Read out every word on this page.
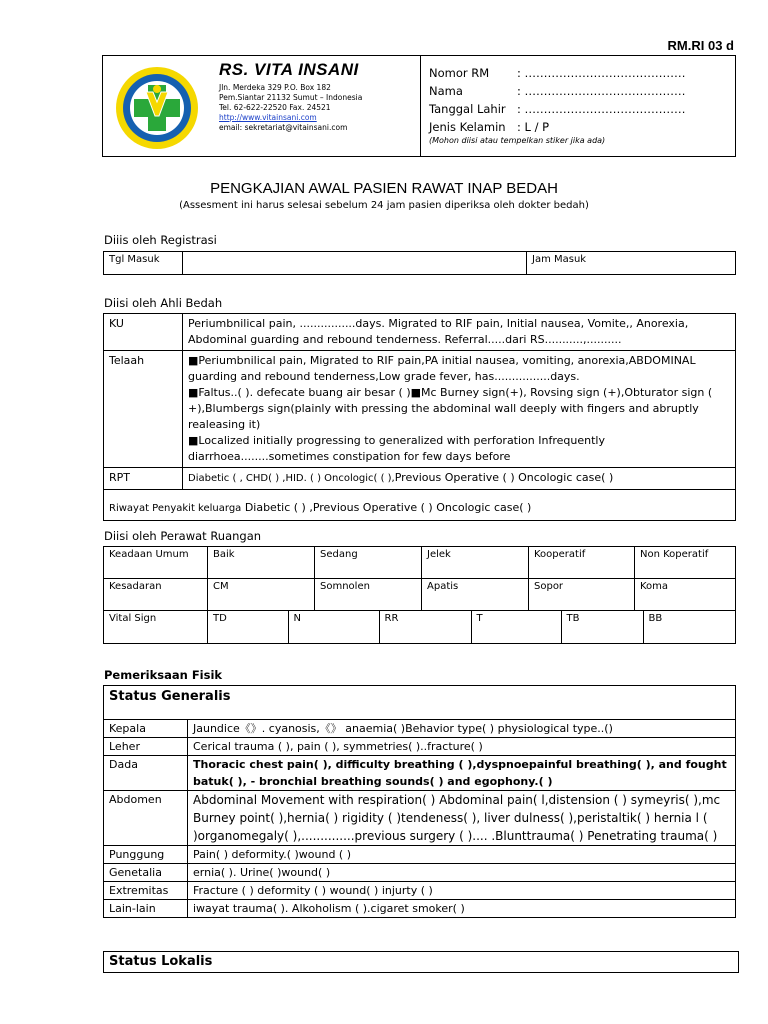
RM.RI 03 d
RS. VITA INSANI
Jln. Merdeka 329 P.O. Box 182
Pem.Siantar 21132 Sumut – Indonesia
Tel. 62-622-22520 Fax. 24521
http://www.vitainsani.com
email: sekretariat@vitainsani.com
Nomor RM	: ……………………………………
Nama	: ……………………………………
Tanggal Lahir : ……………………………………
Jenis Kelamin : L / P
(Mohon diisi atau tempelkan stiker jika ada)
PENGKAJIAN AWAL PASIEN RAWAT INAP BEDAH
(Assesment ini harus selesai sebelum 24 jam pasien diperiksa oleh dokter bedah)
Diiis oleh Registrasi
Tgl Masuk		Jam Masuk
Diisi oleh Ahli Bedah
KU	Periumbnilical pain, ................days. Migrated to RIF pain, Initial nausea, Vomite,, Anorexia, Abdominal guarding and rebound tenderness. Referral.....dari RS...........,..........
Telaah	■Periumbnilical pain, Migrated to RIF pain,PA initial nausea, vomiting, anorexia,ABDOMINAL guarding and rebound tenderness,Low grade fever, has................days.
■Faltus..( ). defecate buang air besar ( )■Mc Burney sign(+), Rovsing sign (+),Obturator sign ( +),Blumbergs sign(plainly with pressing the abdominal wall deeply with fingers and abruptly realeasing it)
■Localized initially progressing to generalized with perforation Infrequently diarrhoea........sometimes constipation for few days before

RPT	Diabetic ( , CHD( ) ,HID. ( ) Oncologic( ( ),Previous Operative ( ) Oncologic case( )
Riwayat Penyakit keluarga Diabetic ( ) ,Previous Operative ( ) Oncologic case( )	
Diisi oleh Perawat Ruangan
Keadaan Umum	Baik	Sedang	Jelek	Kooperatif	Non Koperatif
Kesadaran	CM	Somnolen	Apatis	Sopor	Koma
Vital Sign		TD	N	RR	T	TB	BB
Pemeriksaan Fisik
Status Generalis	
Kepala	Jaundice《》. cyanosis,《》 anaemia( )Behavior type( ) physiological type..()
Leher	Cerical trauma ( ), pain ( ), symmetries( )..fracture( )
Dada	Thoracic chest pain( ), difficulty breathing ( ),dyspnoepainful breathing( ), and fought batuk( ), - bronchial breathing sounds( ) and egophony.( )
Abdomen	Abdominal Movement with respiration( ) Abdominal pain( l,distension ( ) symeyris( ),mc Burney point( ),hernia( ) rigidity ( )tendeness( ), liver dulness( ),peristaltik( ) hernia l ( )organomegaly( ),..............previous surgery ( ).... .Blunttrauma( ) Penetrating trauma( )
Punggung	Pain( ) deformity.( )wound ( )
Genetalia	ernia( ). Urine( )wound( )
Extremitas	Fracture ( ) deformity ( ) wound( ) injurty ( )
Lain-lain	iwayat trauma( ). Alkoholism ( ).cigaret smoker( )
Status Lokalis
